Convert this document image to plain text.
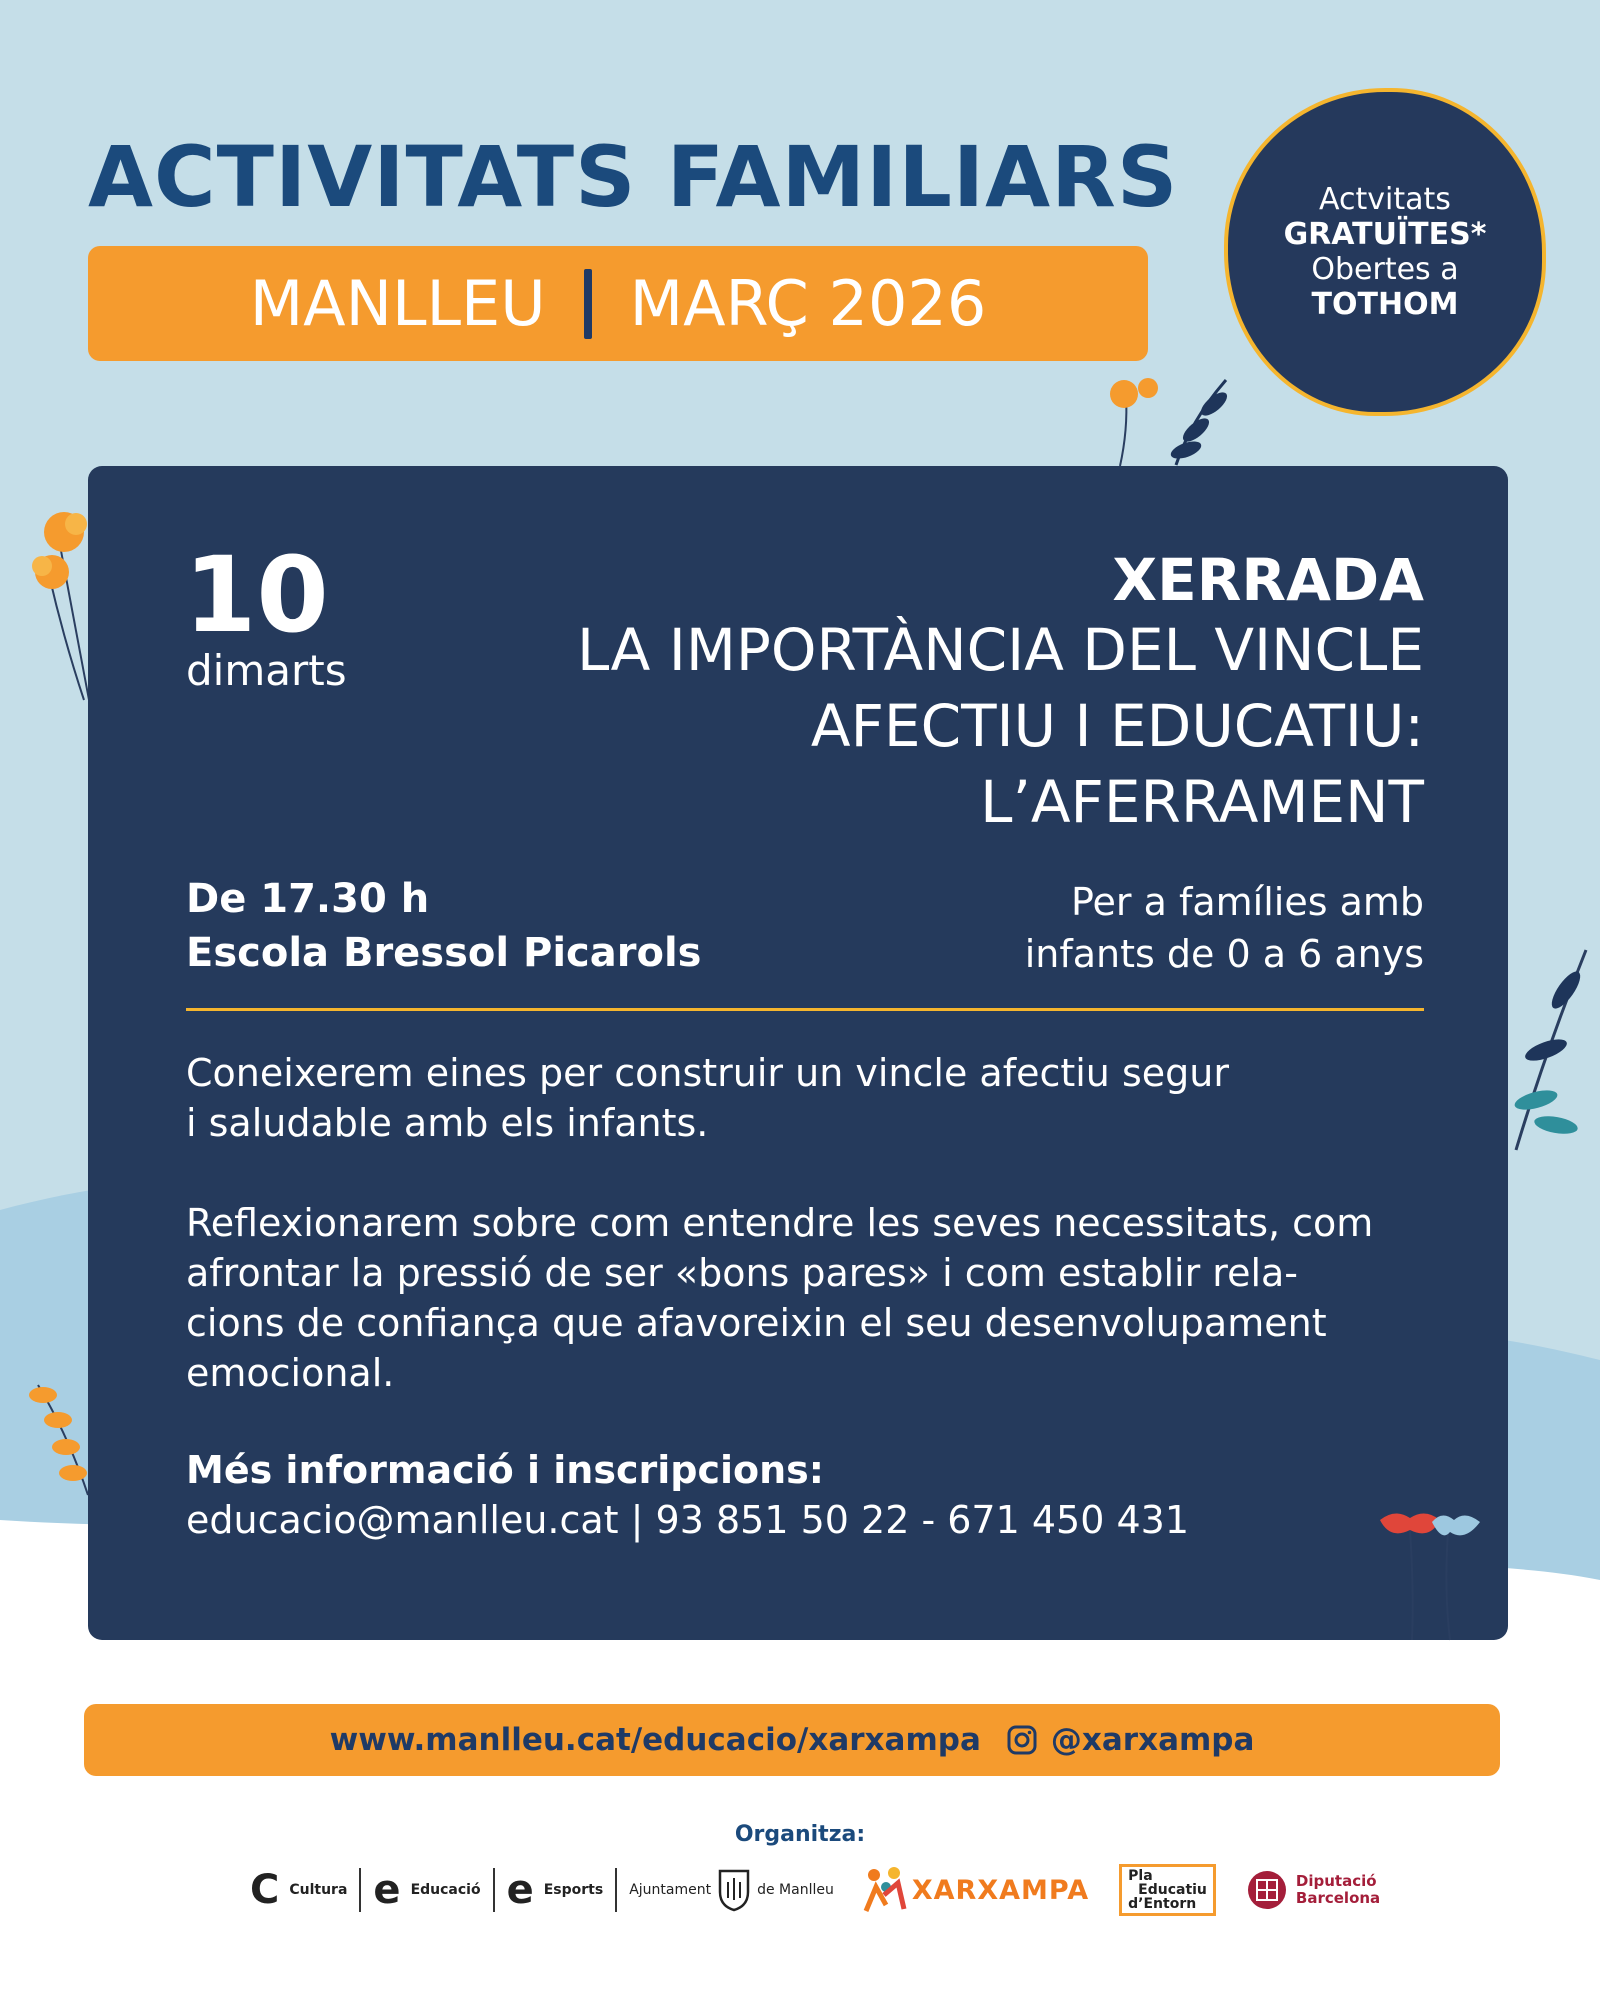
ACTIVITATS FAMILIARS
MANLLEU MARÇ 2026
Actvitats
GRATUÏTES*
Obertes a
TOTHOM
10
dimarts
XERRADA
LA IMPORTÀNCIA DEL VINCLE
AFECTIU I EDUCATIU:
L’AFERRAMENT
De 17.30 h
Escola Bressol Picarols
Per a famílies amb
infants de 0 a 6 anys
Coneixerem eines per construir un vincle afectiu segur
i saludable amb els infants.
Reflexionarem sobre com entendre les seves necessitats, com
afrontar la pressió de ser «bons pares» i com establir rela-
cions de confiança que afavoreixin el seu desenvolupament
emocional.
Més informació i inscripcions:
educacio@manlleu.cat | 93 851 50 22 - 671 450 431
www.manlleu.cat/educacio/xarxampa @xarxampa
Organitza:
C Cultura e Educació e Esports Ajuntament	de Manlleu	XARXAMPA	Pla
Educatiu
d’Entorn
Diputació
Barcelona
